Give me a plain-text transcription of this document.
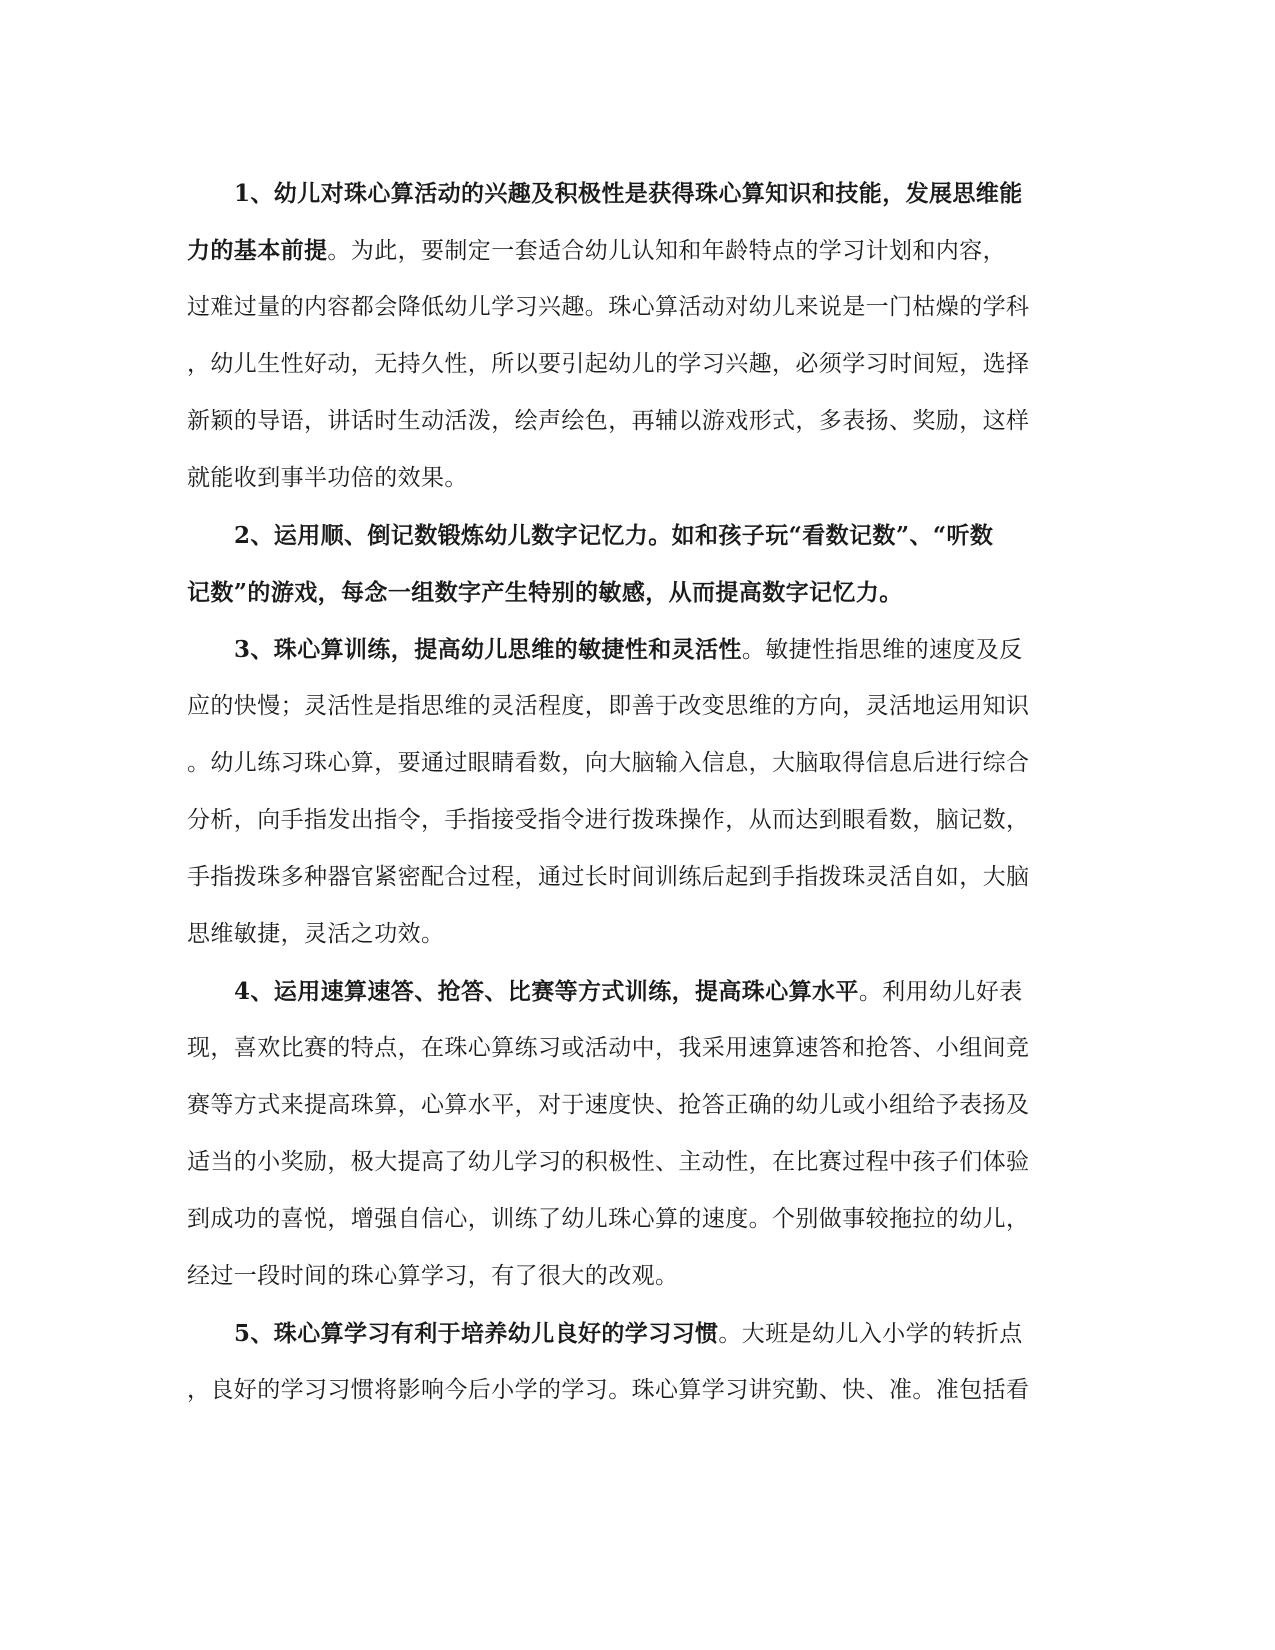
1、幼儿对珠心算活动的兴趣及积极性是获得珠心算知识和技能，发展思维能
力的基本前提。为此，要制定一套适合幼儿认知和年龄特点的学习计划和内容，
过难过量的内容都会降低幼儿学习兴趣。珠心算活动对幼儿来说是一门枯燥的学科
，幼儿生性好动，无持久性，所以要引起幼儿的学习兴趣，必须学习时间短，选择
新颖的导语，讲话时生动活泼，绘声绘色，再辅以游戏形式，多表扬、奖励，这样
就能收到事半功倍的效果。
2、运用顺、倒记数锻炼幼儿数字记忆力。如和孩子玩“看数记数”、“听数
记数”的游戏，每念一组数字产生特别的敏感，从而提高数字记忆力。
3、珠心算训练，提高幼儿思维的敏捷性和灵活性。敏捷性指思维的速度及反
应的快慢；灵活性是指思维的灵活程度，即善于改变思维的方向，灵活地运用知识
。幼儿练习珠心算，要通过眼睛看数，向大脑输入信息，大脑取得信息后进行综合
分析，向手指发出指令，手指接受指令进行拨珠操作，从而达到眼看数，脑记数，
手指拨珠多种器官紧密配合过程，通过长时间训练后起到手指拨珠灵活自如，大脑
思维敏捷，灵活之功效。
4、运用速算速答、抢答、比赛等方式训练，提高珠心算水平。利用幼儿好表
现，喜欢比赛的特点，在珠心算练习或活动中，我采用速算速答和抢答、小组间竞
赛等方式来提高珠算，心算水平，对于速度快、抢答正确的幼儿或小组给予表扬及
适当的小奖励，极大提高了幼儿学习的积极性、主动性，在比赛过程中孩子们体验
到成功的喜悦，增强自信心，训练了幼儿珠心算的速度。个别做事较拖拉的幼儿，
经过一段时间的珠心算学习，有了很大的改观。
5、珠心算学习有利于培养幼儿良好的学习习惯。大班是幼儿入小学的转折点
，良好的学习习惯将影响今后小学的学习。珠心算学习讲究勤、快、准。准包括看
